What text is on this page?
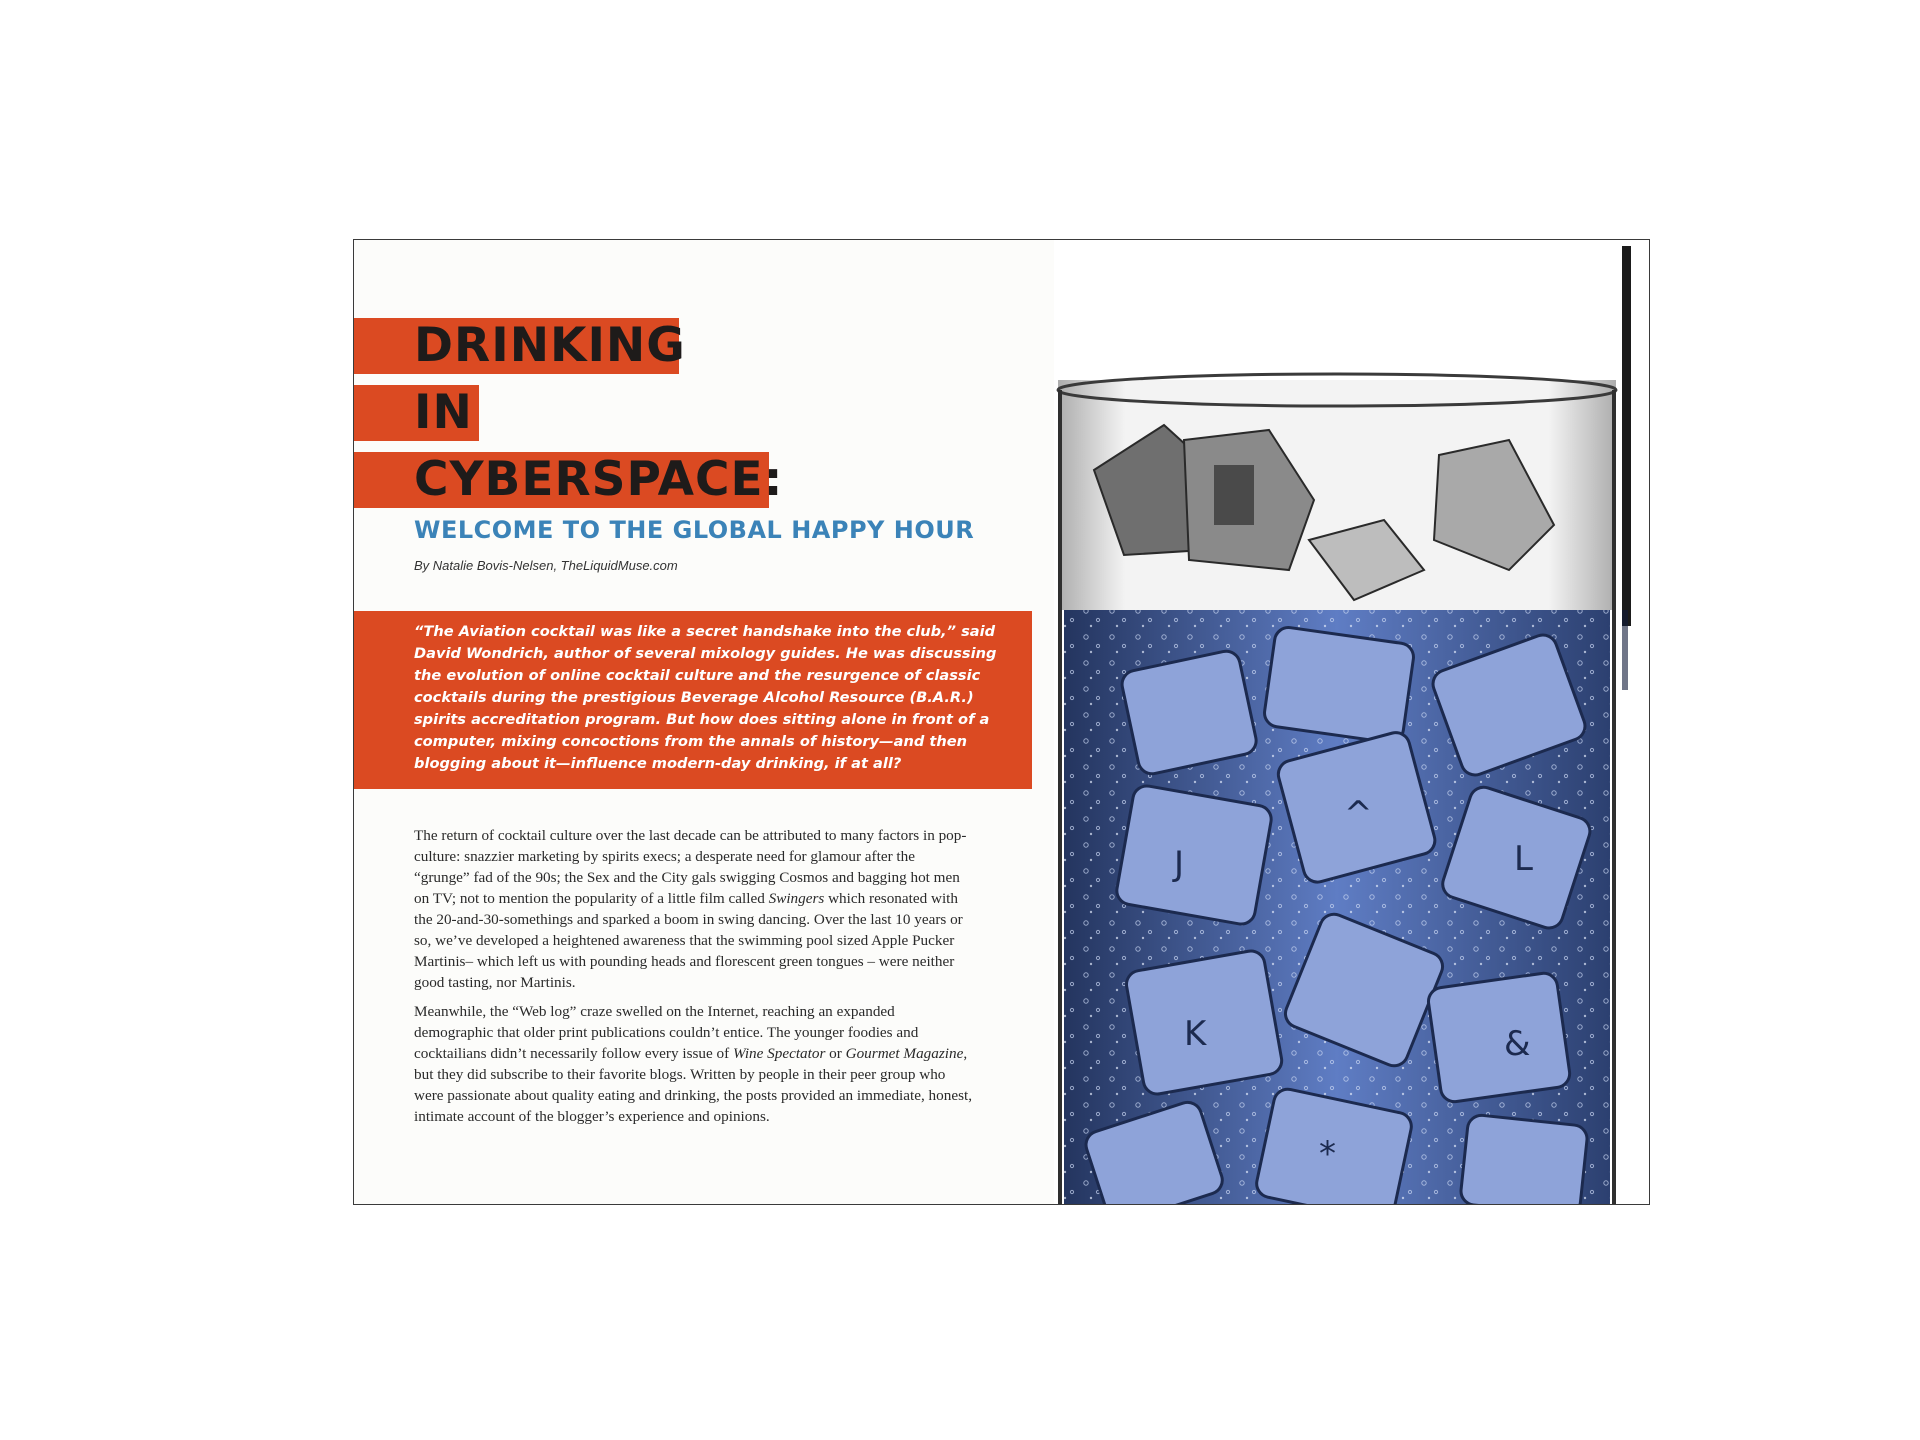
DRINKING
IN
CYBERSPACE:
WELCOME TO THE GLOBAL HAPPY HOUR
By Natalie Bovis-Nelsen, TheLiquidMuse.com
“The Aviation cocktail was like a secret handshake into the club,” said David Wondrich, author of several mixology guides. He was discussing the evolution of online cocktail culture and the resurgence of classic cocktails during the prestigious Beverage Alcohol Resource (B.A.R.) spirits accreditation program. But how does sitting alone in front of a computer, mixing concoctions from the annals of history—and then blogging about it—influence modern-day drinking, if at all?

The return of cocktail culture over the last decade can be attributed to many factors in pop-culture: snazzier marketing by spirits execs; a desperate need for glamour after the “grunge” fad of the 90s; the Sex and the City gals swigging Cosmos and bagging hot men on TV; not to mention the popularity of a little film called Swingers which resonated with the 20-and-30-somethings and sparked a boom in swing dancing. Over the last 10 years or so, we’ve developed a heightened awareness that the swimming pool sized Apple Pucker Martinis– which left us with pounding heads and florescent green tongues – were neither good tasting, nor Martinis.

Meanwhile, the “Web log” craze swelled on the Internet, reaching an expanded demographic that older print publications couldn’t entice. The younger foodies and cocktailians didn’t necessarily follow every issue of Wine Spectator or Gourmet Magazine, but they did subscribe to their favorite blogs. Written by people in their peer group who were passionate about quality eating and drinking, the posts provided an immediate, honest, intimate account of the blogger’s experience and opinions.

J
K
^
&
*
L
